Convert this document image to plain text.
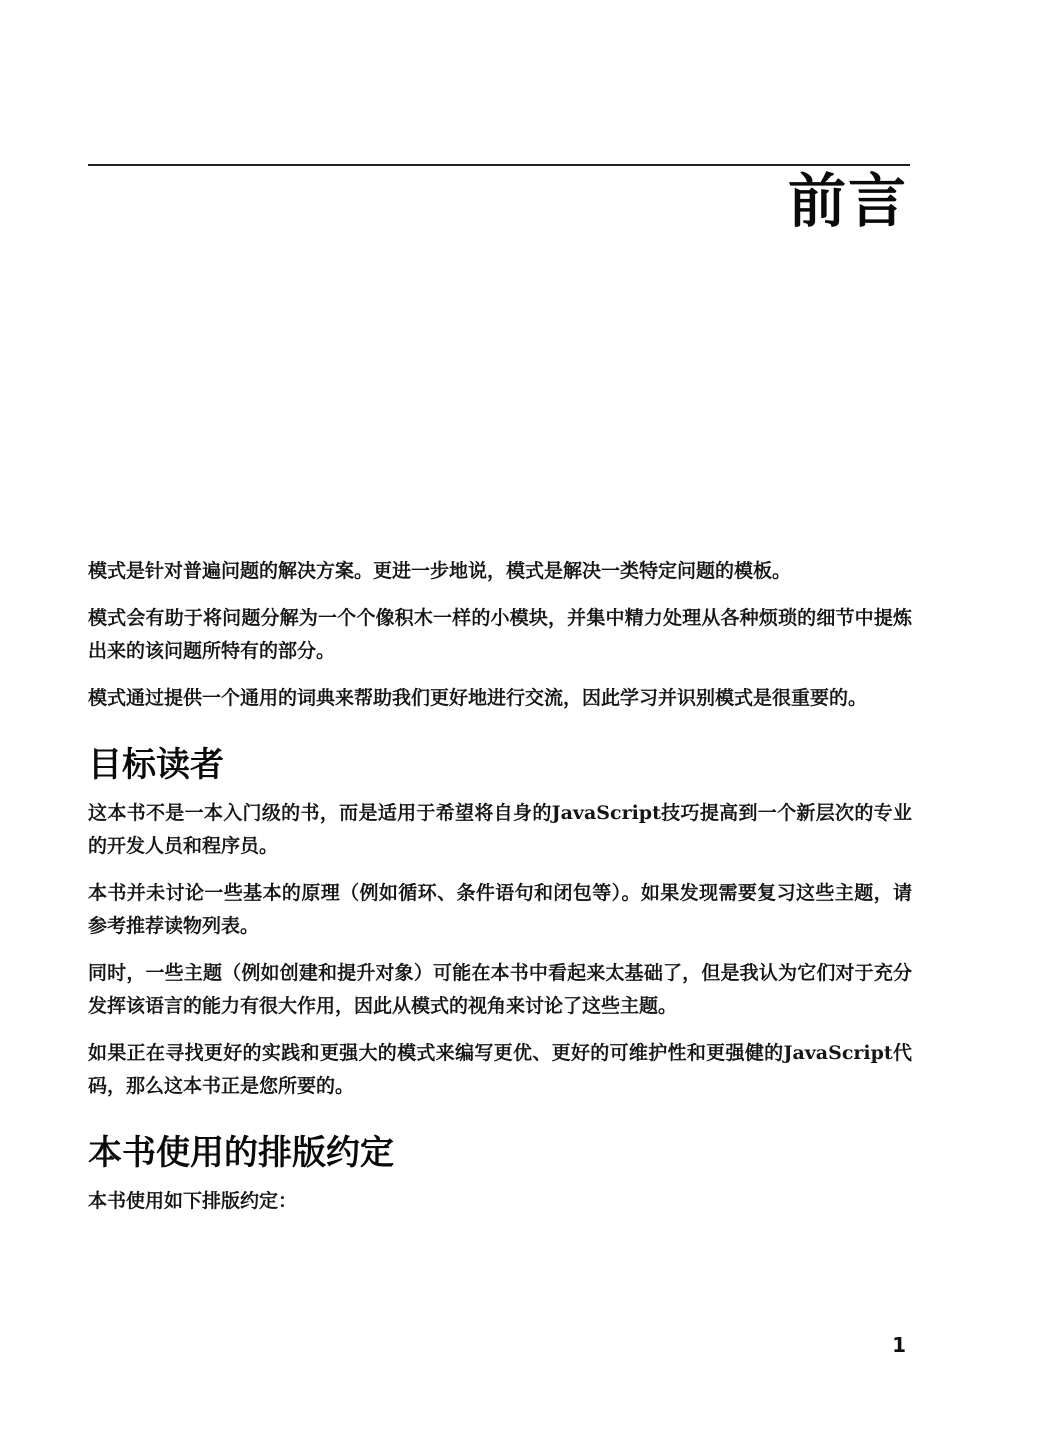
前言

模式是针对普遍问题的解决方案。更进一步地说，模式是解决一类特定问题的模板。

模式会有助于将问题分解为一个个像积木一样的小模块，并集中精力处理从各种烦琐的细节中提炼出来的该问题所特有的部分。

模式通过提供一个通用的词典来帮助我们更好地进行交流，因此学习并识别模式是很重要的。

目标读者

这本书不是一本入门级的书，而是适用于希望将自身的JavaScript技巧提高到一个新层次的专业的开发人员和程序员。

本书并未讨论一些基本的原理（例如循环、条件语句和闭包等）。如果发现需要复习这些主题，请参考推荐读物列表。

同时，一些主题（例如创建和提升对象）可能在本书中看起来太基础了，但是我认为它们对于充分发挥该语言的能力有很大作用，因此从模式的视角来讨论了这些主题。

如果正在寻找更好的实践和更强大的模式来编写更优、更好的可维护性和更强健的JavaScript代码，那么这本书正是您所要的。

本书使用的排版约定

本书使用如下排版约定：

1
